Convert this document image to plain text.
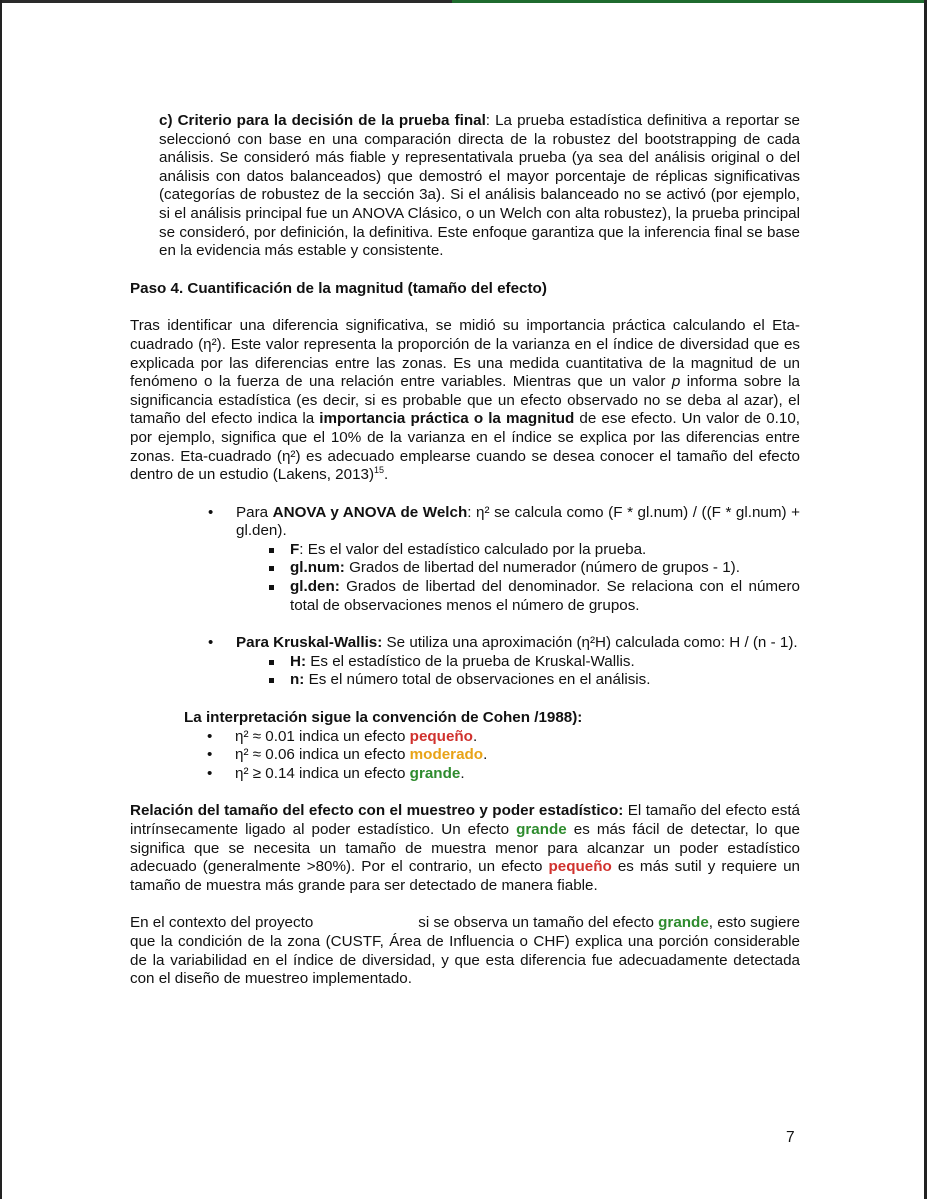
c) Criterio para la decisión de la prueba final: La prueba estadística definitiva a reportar se seleccionó con base en una comparación directa de la robustez del bootstrapping de cada análisis. Se consideró más fiable y representativala prueba (ya sea del análisis original o del análisis con datos balanceados) que demostró el mayor porcentaje de réplicas significativas (categorías de robustez de la sección 3a). Si el análisis balanceado no se activó (por ejemplo, si el análisis principal fue un ANOVA Clásico, o un Welch con alta robustez), la prueba principal se consideró, por definición, la definitiva. Este enfoque garantiza que la inferencia final se base en la evidencia más estable y consistente.

Paso 4. Cuantificación de la magnitud (tamaño del efecto)

Tras identificar una diferencia significativa, se midió su importancia práctica calculando el Eta-cuadrado (η²). Este valor representa la proporción de la varianza en el índice de diversidad que es explicada por las diferencias entre las zonas. Es una medida cuantitativa de la magnitud de un fenómeno o la fuerza de una relación entre variables. Mientras que un valor p informa sobre la significancia estadística (es decir, si es probable que un efecto observado no se deba al azar), el tamaño del efecto indica la importancia práctica o la magnitud de ese efecto. Un valor de 0.10, por ejemplo, significa que el 10% de la varianza en el índice se explica por las diferencias entre zonas. Eta-cuadrado (η²) es adecuado emplearse cuando se desea conocer el tamaño del efecto dentro de un estudio (Lakens, 2013)$^{15}$.

• Para ANOVA y ANOVA de Welch: η² se calcula como (F * gl.num) / ((F * gl.num) + gl.den).
F: Es el valor del estadístico calculado por la prueba.
gl.num: Grados de libertad del numerador (número de grupos - 1).
gl.den: Grados de libertad del denominador. Se relaciona con el número total de observaciones menos el número de grupos.
• Para Kruskal-Wallis: Se utiliza una aproximación (η²H) calculada como: H / (n - 1).
H: Es el estadístico de la prueba de Kruskal-Wallis.
n: Es el número total de observaciones en el análisis.

La interpretación sigue la convención de Cohen /1988):

• η² ≈ 0.01 indica un efecto pequeño.
• η² ≈ 0.06 indica un efecto moderado.
• η² ≥ 0.14 indica un efecto grande.

Relación del tamaño del efecto con el muestreo y poder estadístico: El tamaño del efecto está intrínsecamente ligado al poder estadístico. Un efecto grande es más fácil de detectar, lo que significa que se necesita un tamaño de muestra menor para alcanzar un poder estadístico adecuado (generalmente >80%). Por el contrario, un efecto pequeño es más sutil y requiere un tamaño de muestra más grande para ser detectado de manera fiable.

En el contexto del proyecto	si se observa un tamaño del efecto grande, esto sugiere que la condición de la zona (CUSTF, Área de Influencia o CHF) explica una porción considerable de la variabilidad en el índice de diversidad, y que esta diferencia fue adecuadamente detectada con el diseño de muestreo implementado.

7
